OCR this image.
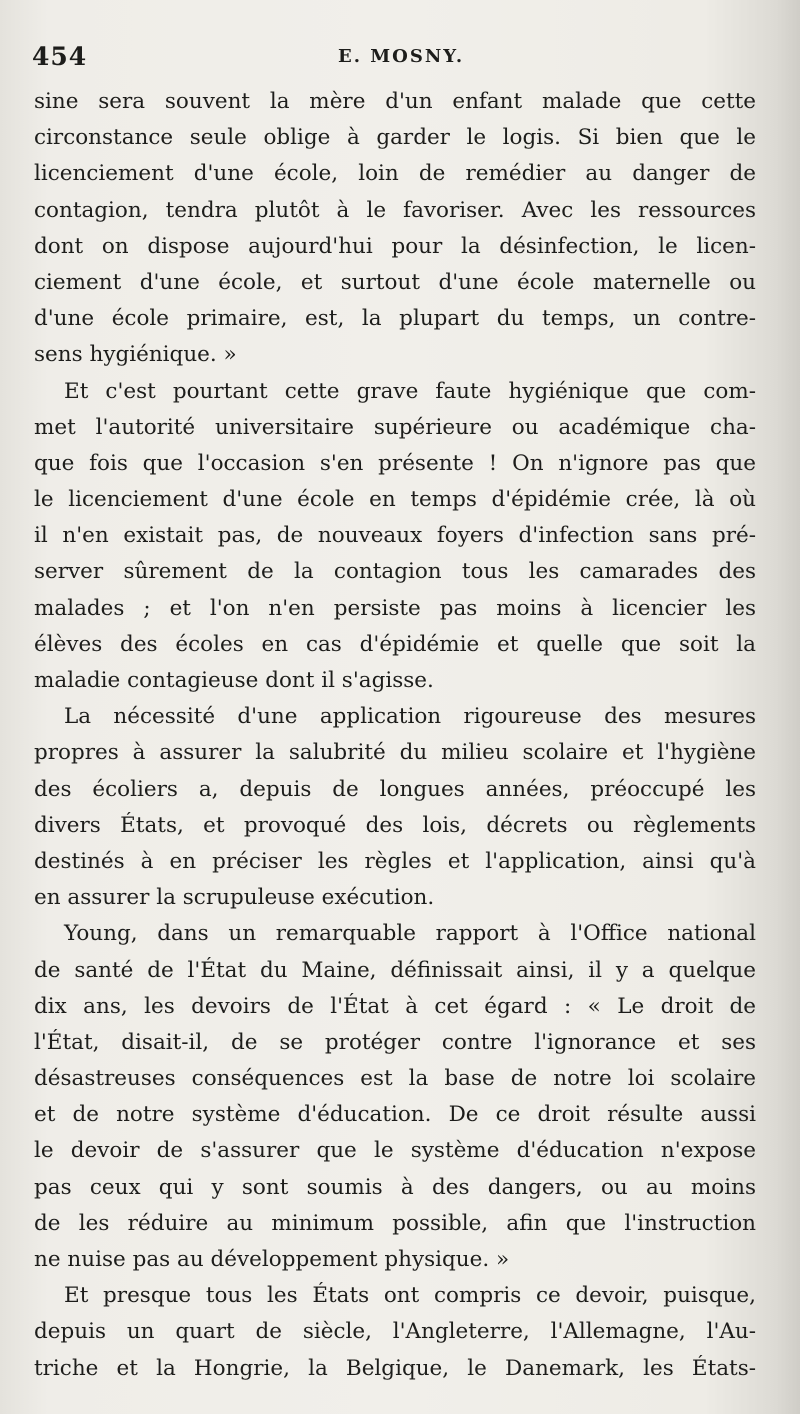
454	E. MOSNY.
sine sera souvent la mère d'un enfant malade que cette
circonstance seule oblige à garder le logis. Si bien que le
licenciement d'une école, loin de remédier au danger de
contagion, tendra plutôt à le favoriser. Avec les ressources
dont on dispose aujourd'hui pour la désinfection, le licen-
ciement d'une école, et surtout d'une école maternelle ou
d'une école primaire, est, la plupart du temps, un contre-
sens hygiénique. »
Et c'est pourtant cette grave faute hygiénique que com-
met l'autorité universitaire supérieure ou académique cha-
que fois que l'occasion s'en présente ! On n'ignore pas que
le licenciement d'une école en temps d'épidémie crée, là où
il n'en existait pas, de nouveaux foyers d'infection sans pré-
server sûrement de la contagion tous les camarades des
malades ; et l'on n'en persiste pas moins à licencier les
élèves des écoles en cas d'épidémie et quelle que soit la
maladie contagieuse dont il s'agisse.
La nécessité d'une application rigoureuse des mesures
propres à assurer la salubrité du milieu scolaire et l'hygiène
des écoliers a, depuis de longues années, préoccupé les
divers États, et provoqué des lois, décrets ou règlements
destinés à en préciser les règles et l'application, ainsi qu'à
en assurer la scrupuleuse exécution.
Young, dans un remarquable rapport à l'Office national
de santé de l'État du Maine, définissait ainsi, il y a quelque
dix ans, les devoirs de l'État à cet égard : « Le droit de
l'État, disait-il, de se protéger contre l'ignorance et ses
désastreuses conséquences est la base de notre loi scolaire
et de notre système d'éducation. De ce droit résulte aussi
le devoir de s'assurer que le système d'éducation n'expose
pas ceux qui y sont soumis à des dangers, ou au moins
de les réduire au minimum possible, afin que l'instruction
ne nuise pas au développement physique. »
Et presque tous les États ont compris ce devoir, puisque,
depuis un quart de siècle, l'Angleterre, l'Allemagne, l'Au-
triche et la Hongrie, la Belgique, le Danemark, les États-
